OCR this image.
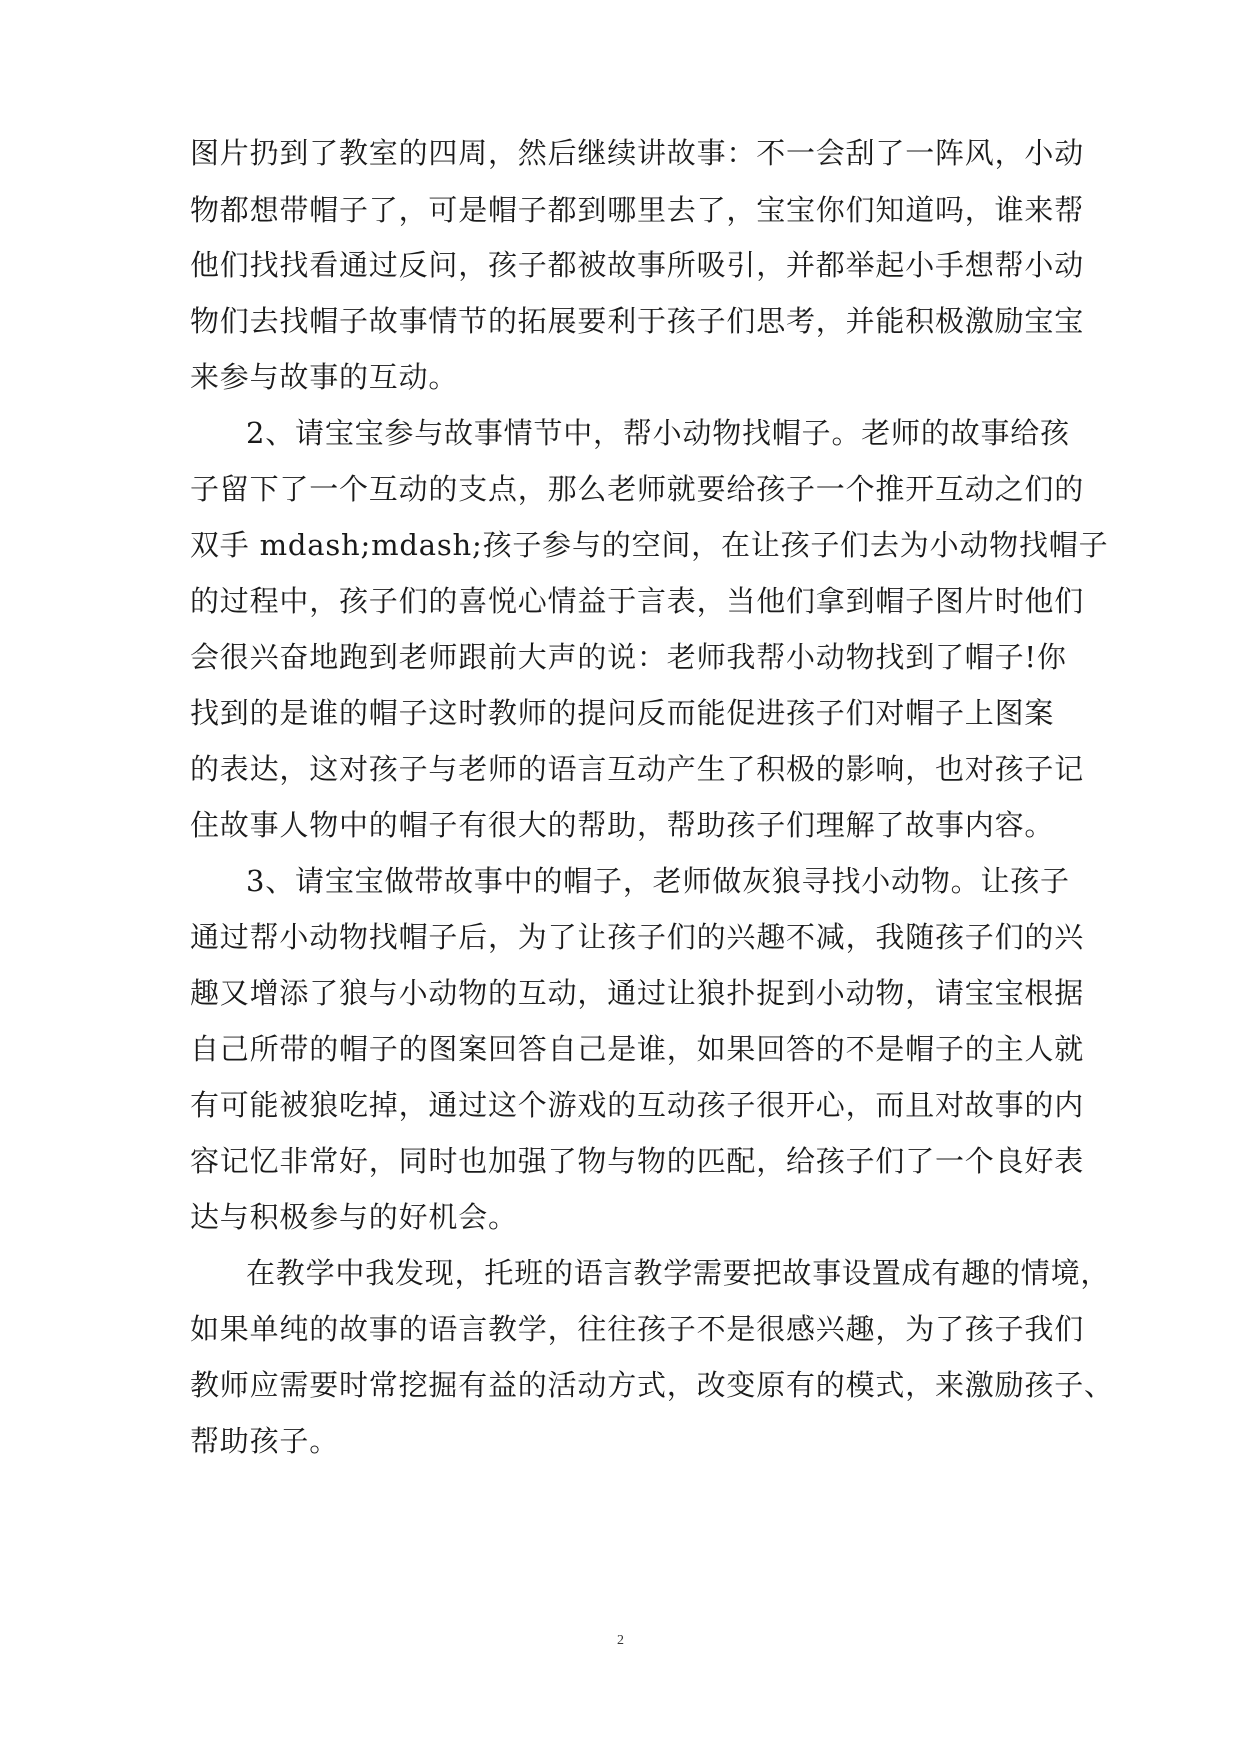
图片扔到了教室的四周，然后继续讲故事：不一会刮了一阵风，小动
物都想带帽子了，可是帽子都到哪里去了，宝宝你们知道吗，谁来帮
他们找找看通过反问，孩子都被故事所吸引，并都举起小手想帮小动
物们去找帽子故事情节的拓展要利于孩子们思考，并能积极激励宝宝
来参与故事的互动。
2、请宝宝参与故事情节中，帮小动物找帽子。老师的故事给孩
子留下了一个互动的支点，那么老师就要给孩子一个推开互动之们的
双手 mdash;mdash;孩子参与的空间，在让孩子们去为小动物找帽子
的过程中，孩子们的喜悦心情益于言表，当他们拿到帽子图片时他们
会很兴奋地跑到老师跟前大声的说：老师我帮小动物找到了帽子!你
找到的是谁的帽子这时教师的提问反而能促进孩子们对帽子上图案
的表达，这对孩子与老师的语言互动产生了积极的影响，也对孩子记
住故事人物中的帽子有很大的帮助，帮助孩子们理解了故事内容。
3、请宝宝做带故事中的帽子，老师做灰狼寻找小动物。让孩子
通过帮小动物找帽子后，为了让孩子们的兴趣不减，我随孩子们的兴
趣又增添了狼与小动物的互动，通过让狼扑捉到小动物，请宝宝根据
自己所带的帽子的图案回答自己是谁，如果回答的不是帽子的主人就
有可能被狼吃掉，通过这个游戏的互动孩子很开心，而且对故事的内
容记忆非常好，同时也加强了物与物的匹配，给孩子们了一个良好表
达与积极参与的好机会。
在教学中我发现，托班的语言教学需要把故事设置成有趣的情境，
如果单纯的故事的语言教学，往往孩子不是很感兴趣，为了孩子我们
教师应需要时常挖掘有益的活动方式，改变原有的模式，来激励孩子、
帮助孩子。
2
